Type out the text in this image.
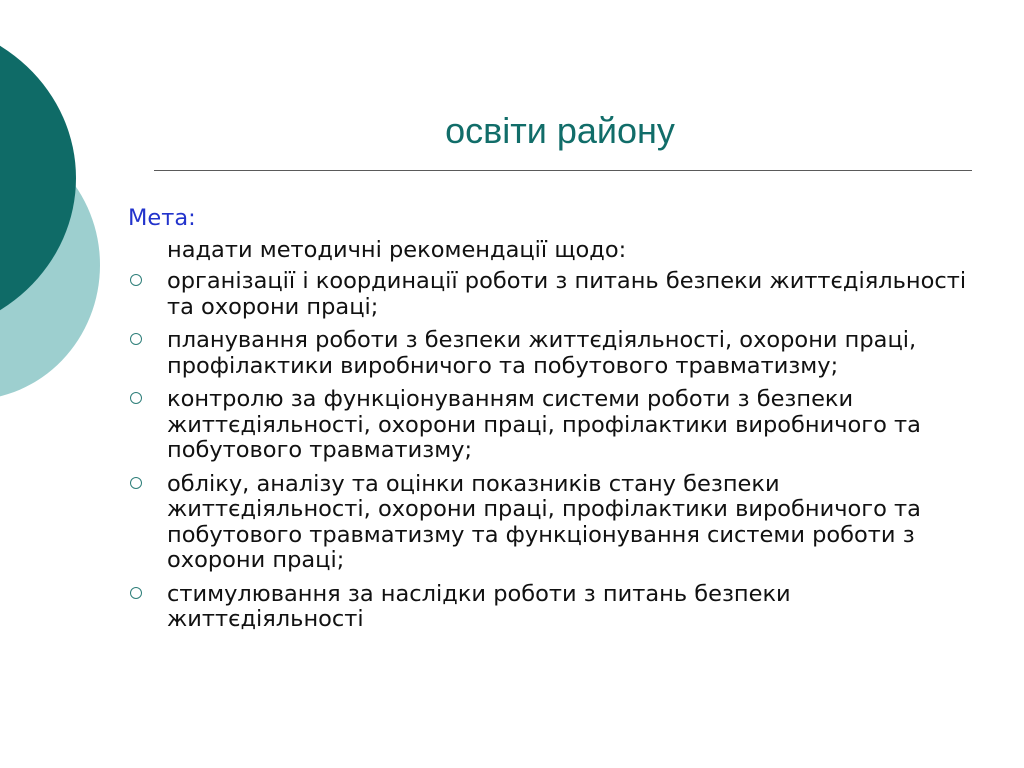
освіти району
Мета:
надати методичні рекомендації щодо:
організації і координації роботи з питань безпеки життєдіяльності та охорони праці;
планування роботи з безпеки життєдіяльності, охорони праці, профілактики виробничого та побутового травматизму;
контролю за функціонуванням системи роботи з безпеки життєдіяльності, охорони праці, профілактики виробничого та побутового травматизму;
обліку, аналізу та оцінки показників стану безпеки життєдіяльності, охорони праці, профілактики виробничого та побутового травматизму та функціонування системи роботи з охорони праці;
стимулювання за наслідки роботи з питань безпеки життєдіяльності
